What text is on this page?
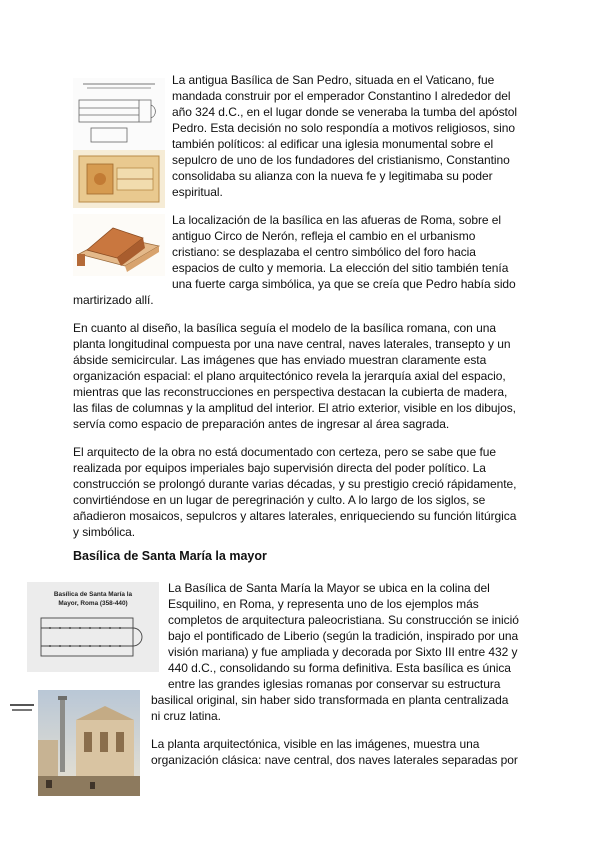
La antigua Basílica de San Pedro, situada en el Vaticano, fue
mandada construir por el emperador Constantino I alrededor del
año 324 d.C., en el lugar donde se veneraba la tumba del apóstol
Pedro. Esta decisión no solo respondía a motivos religiosos, sino
también políticos: al edificar una iglesia monumental sobre el
sepulcro de uno de los fundadores del cristianismo, Constantino
consolidaba su alianza con la nueva fe y legitimaba su poder
espiritual.
La localización de la basílica en las afueras de Roma, sobre el
antiguo Circo de Nerón, refleja el cambio en el urbanismo
cristiano: se desplazaba el centro simbólico del foro hacia
espacios de culto y memoria. La elección del sitio también tenía
una fuerte carga simbólica, ya que se creía que Pedro había sido
martirizado allí.
En cuanto al diseño, la basílica seguía el modelo de la basílica romana, con una
planta longitudinal compuesta por una nave central, naves laterales, transepto y un
ábside semicircular. Las imágenes que has enviado muestran claramente esta
organización espacial: el plano arquitectónico revela la jerarquía axial del espacio,
mientras que las reconstrucciones en perspectiva destacan la cubierta de madera,
las filas de columnas y la amplitud del interior. El atrio exterior, visible en los dibujos,
servía como espacio de preparación antes de ingresar al área sagrada.
El arquitecto de la obra no está documentado con certeza, pero se sabe que fue
realizada por equipos imperiales bajo supervisión directa del poder político. La
construcción se prolongó durante varias décadas, y su prestigio creció rápidamente,
convirtiéndose en un lugar de peregrinación y culto. A lo largo de los siglos, se
añadieron mosaicos, sepulcros y altares laterales, enriqueciendo su función litúrgica
y simbólica.
Basílica de Santa María la mayor
Basílica de Santa María la
Mayor, Roma (358-440)
La Basílica de Santa María la Mayor se ubica en la colina del
Esquilino, en Roma, y representa uno de los ejemplos más
completos de arquitectura paleocristiana. Su construcción se inició
bajo el pontificado de Liberio (según la tradición, inspirado por una
visión mariana) y fue ampliada y decorada por Sixto III entre 432 y
440 d.C., consolidando su forma definitiva. Esta basílica es única
entre las grandes iglesias romanas por conservar su estructura
basilical original, sin haber sido transformada en planta centralizada
ni cruz latina.
La planta arquitectónica, visible en las imágenes, muestra una
organización clásica: nave central, dos naves laterales separadas por
